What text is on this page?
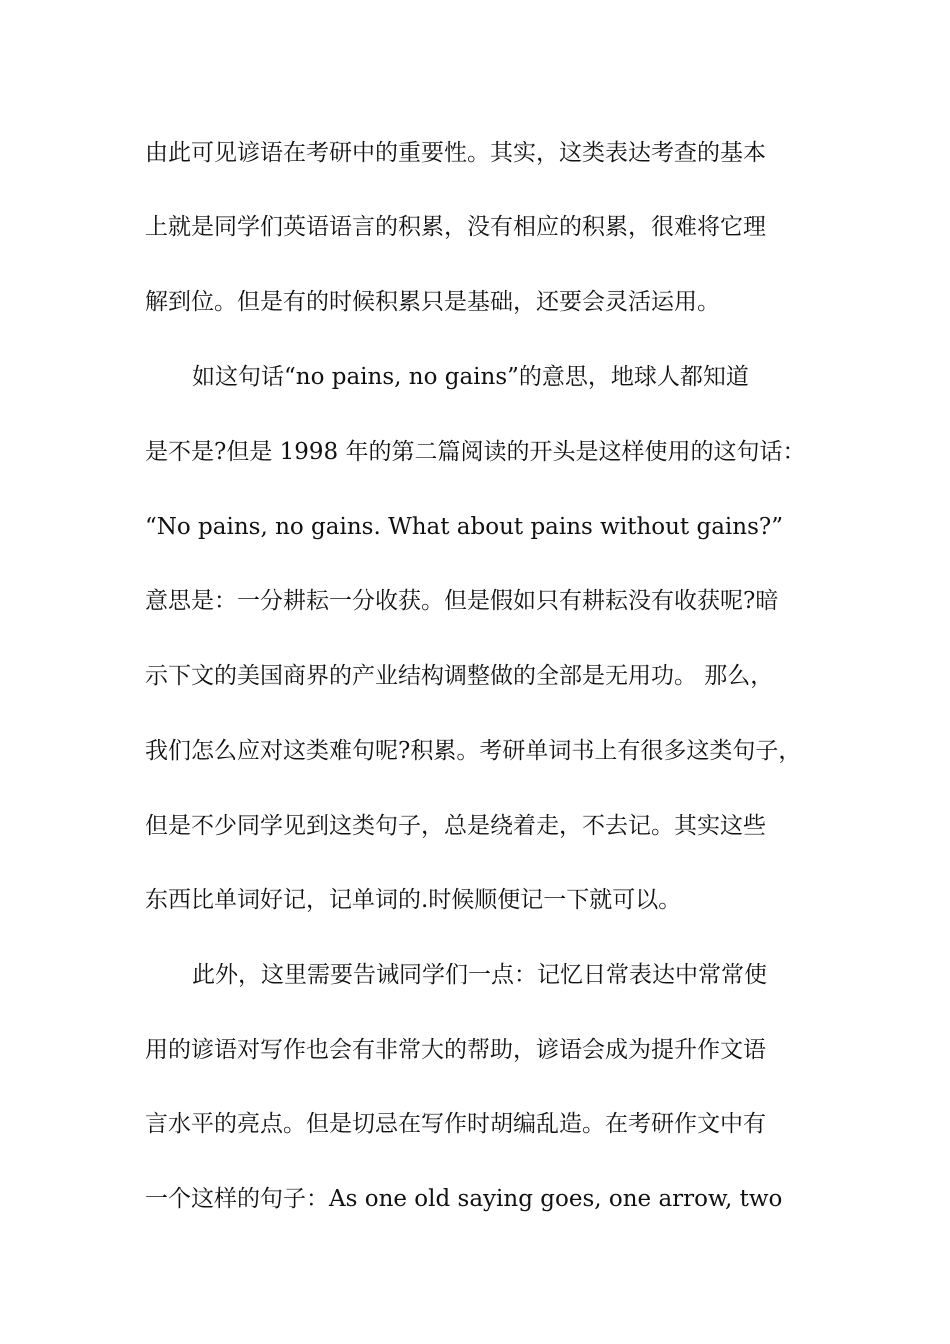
由此可见谚语在考研中的重要性。其实，这类表达考查的基本

上就是同学们英语语言的积累，没有相应的积累，很难将它理

解到位。但是有的时候积累只是基础，还要会灵活运用。

如这句话“no pains, no gains”的意思，地球人都知道

是不是?但是 1998 年的第二篇阅读的开头是这样使用的这句话：

“No pains, no gains. What about pains without gains?”

意思是：一分耕耘一分收获。但是假如只有耕耘没有收获呢?暗

示下文的美国商界的产业结构调整做的全部是无用功。 那么，

我们怎么应对这类难句呢?积累。考研单词书上有很多这类句子，

但是不少同学见到这类句子，总是绕着走，不去记。其实这些

东西比单词好记，记单词的.时候顺便记一下就可以。

此外，这里需要告诫同学们一点：记忆日常表达中常常使

用的谚语对写作也会有非常大的帮助，谚语会成为提升作文语

言水平的亮点。但是切忌在写作时胡编乱造。在考研作文中有

一个这样的句子：As one old saying goes, one arrow, two
